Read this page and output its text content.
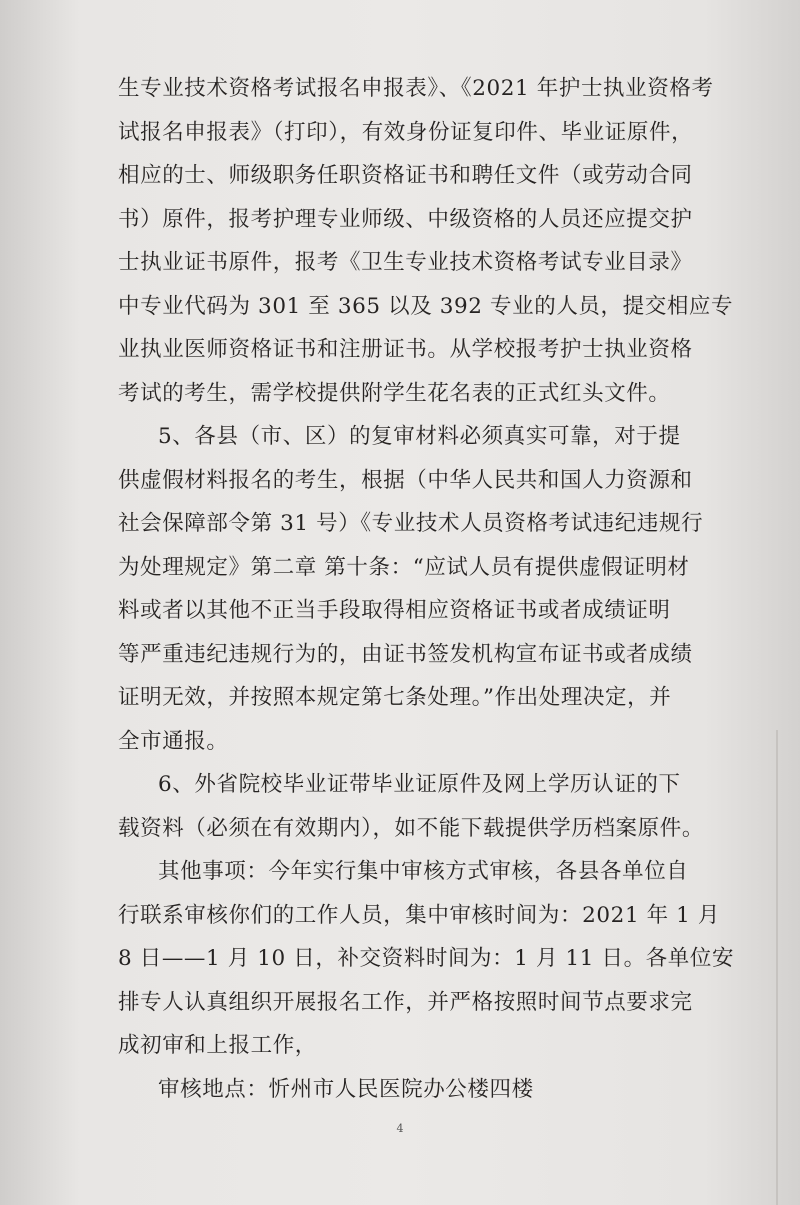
生专业技术资格考试报名申报表》、《2021 年护士执业资格考
试报名申报表》（打印），有效身份证复印件、毕业证原件，
相应的士、师级职务任职资格证书和聘任文件（或劳动合同
书）原件，报考护理专业师级、中级资格的人员还应提交护
士执业证书原件，报考《卫生专业技术资格考试专业目录》
中专业代码为 301 至 365 以及 392 专业的人员，提交相应专
业执业医师资格证书和注册证书。从学校报考护士执业资格
考试的考生，需学校提供附学生花名表的正式红头文件。
5、各县（市、区）的复审材料必须真实可靠，对于提
供虚假材料报名的考生，根据（中华人民共和国人力资源和
社会保障部令第 31 号）《专业技术人员资格考试违纪违规行
为处理规定》第二章 第十条：“应试人员有提供虚假证明材
料或者以其他不正当手段取得相应资格证书或者成绩证明
等严重违纪违规行为的，由证书签发机构宣布证书或者成绩
证明无效，并按照本规定第七条处理。”作出处理决定，并
全市通报。
6、外省院校毕业证带毕业证原件及网上学历认证的下
载资料（必须在有效期内），如不能下载提供学历档案原件。
其他事项：今年实行集中审核方式审核，各县各单位自
行联系审核你们的工作人员，集中审核时间为：2021 年 1 月
8 日——1 月 10 日，补交资料时间为：1 月 11 日。各单位安
排专人认真组织开展报名工作，并严格按照时间节点要求完
成初审和上报工作，
审核地点：忻州市人民医院办公楼四楼
4
